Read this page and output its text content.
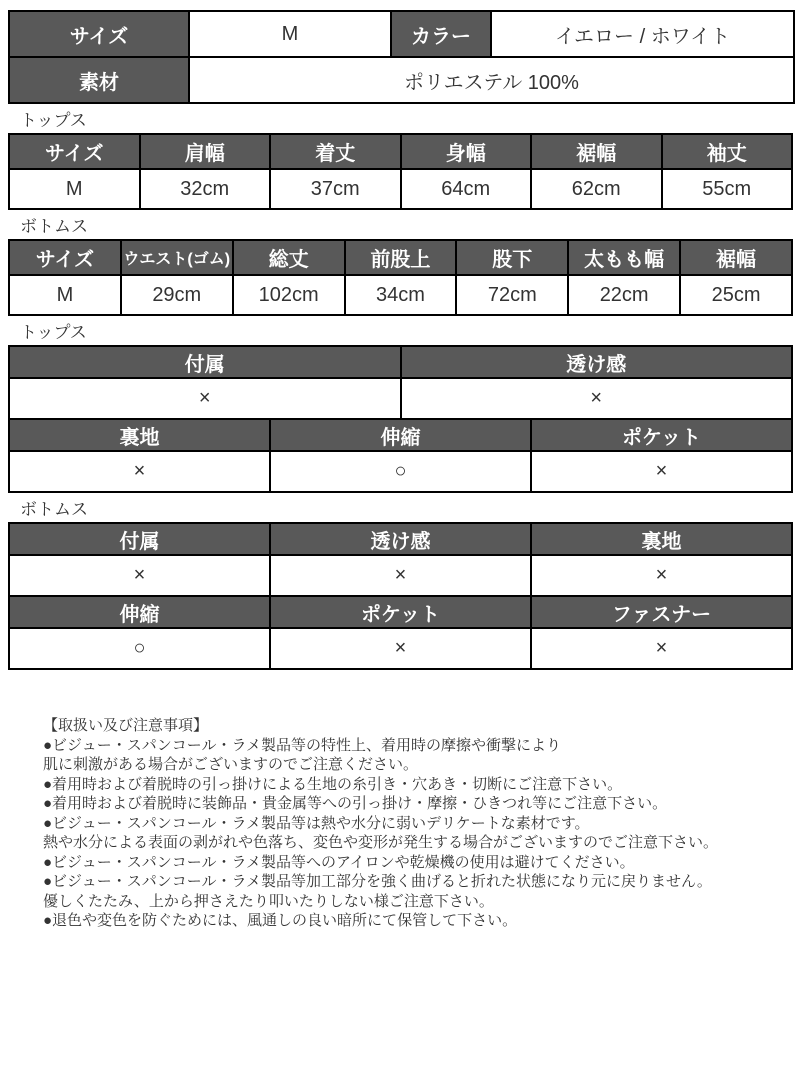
サイズ	M	カラー	イエロー / ホワイト
素材	ポリエステル 100%		
トップス
サイズ	肩幅	着丈	身幅	裾幅	袖丈
M	32cm	37cm	64cm	62cm	55cm
ボトムス
サイズ	ウエスト(ゴム)	総丈	前股上	股下	太もも幅	裾幅
M	29cm	102cm	34cm	72cm	22cm	25cm
トップス
付属		透け感	
×		×	
裏地	伸縮		ポケット
×	○		×
ボトムス
付属	透け感	裏地
×	×	×
伸縮	ポケット	ファスナー
○	×	×
【取扱い及び注意事項】
●ビジュー・スパンコール・ラメ製品等の特性上、着用時の摩擦や衝撃により
肌に刺激がある場合がございますのでご注意ください。
●着用時および着脱時の引っ掛けによる生地の糸引き・穴あき・切断にご注意下さい。
●着用時および着脱時に装飾品・貴金属等への引っ掛け・摩擦・ひきつれ等にご注意下さい。
●ビジュー・スパンコール・ラメ製品等は熱や水分に弱いデリケートな素材です。
熱や水分による表面の剥がれや色落ち、変色や変形が発生する場合がございますのでご注意下さい。
●ビジュー・スパンコール・ラメ製品等へのアイロンや乾燥機の使用は避けてください。
●ビジュー・スパンコール・ラメ製品等加工部分を強く曲げると折れた状態になり元に戻りません。
優しくたたみ、上から押さえたり叩いたりしない様ご注意下さい。
●退色や変色を防ぐためには、風通しの良い暗所にて保管して下さい。
